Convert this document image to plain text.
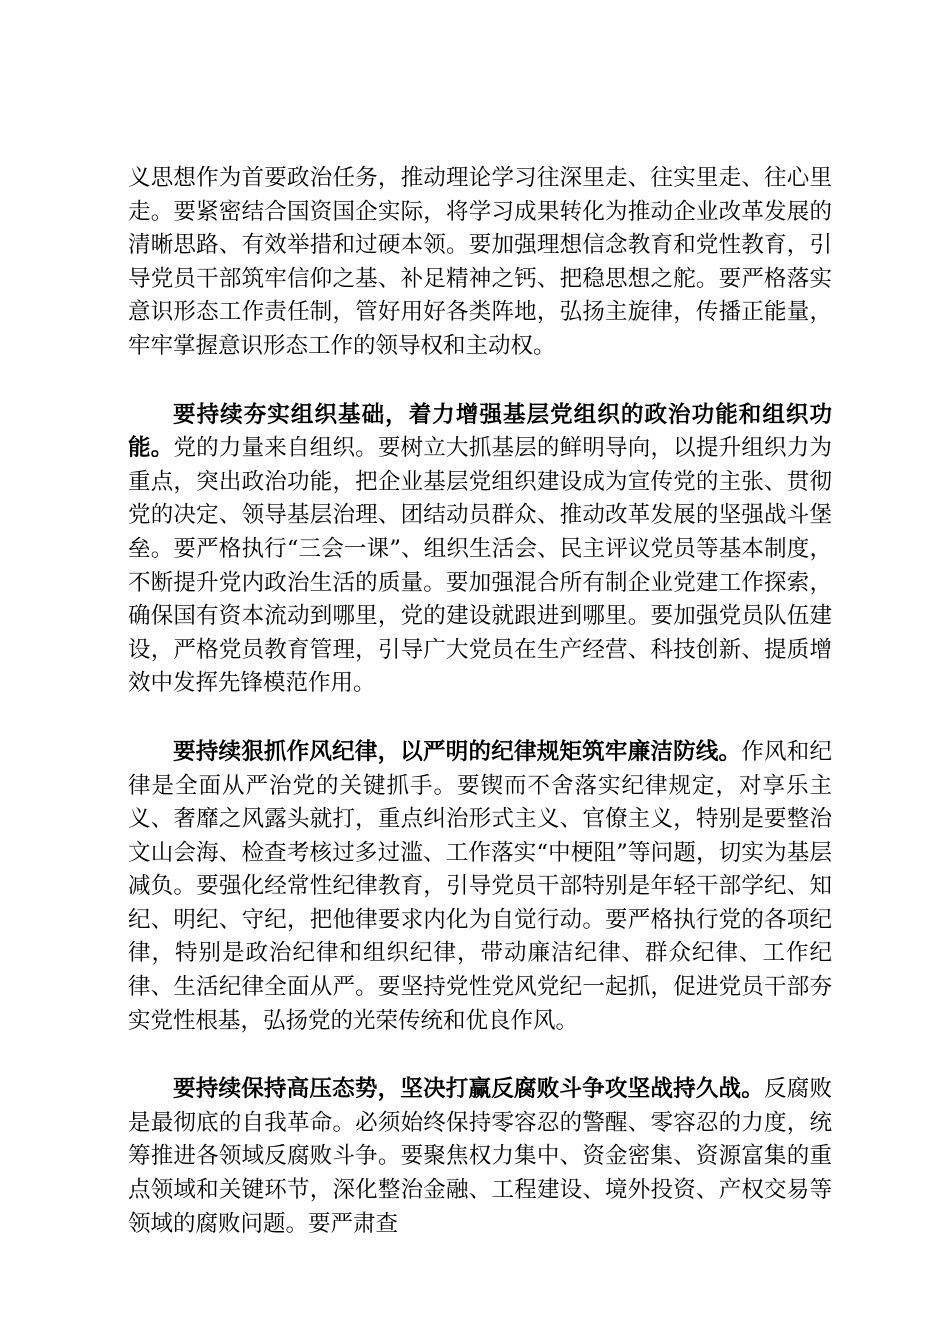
义思想作为首要政治任务，推动理论学习往深里走、往实里走、往心里走。要紧密结合国资国企实际，将学习成果转化为推动企业改革发展的清晰思路、有效举措和过硬本领。要加强理想信念教育和党性教育，引导党员干部筑牢信仰之基、补足精神之钙、把稳思想之舵。要严格落实意识形态工作责任制，管好用好各类阵地，弘扬主旋律，传播正能量，牢牢掌握意识形态工作的领导权和主动权。

要持续夯实组织基础，着力增强基层党组织的政治功能和组织功能。党的力量来自组织。要树立大抓基层的鲜明导向，以提升组织力为重点，突出政治功能，把企业基层党组织建设成为宣传党的主张、贯彻党的决定、领导基层治理、团结动员群众、推动改革发展的坚强战斗堡垒。要严格执行“三会一课”、组织生活会、民主评议党员等基本制度，不断提升党内政治生活的质量。要加强混合所有制企业党建工作探索，确保国有资本流动到哪里，党的建设就跟进到哪里。要加强党员队伍建设，严格党员教育管理，引导广大党员在生产经营、科技创新、提质增效中发挥先锋模范作用。

要持续狠抓作风纪律，以严明的纪律规矩筑牢廉洁防线。作风和纪律是全面从严治党的关键抓手。要锲而不舍落实纪律规定，对享乐主义、奢靡之风露头就打，重点纠治形式主义、官僚主义，特别是要整治文山会海、检查考核过多过滥、工作落实“中梗阻”等问题，切实为基层减负。要强化经常性纪律教育，引导党员干部特别是年轻干部学纪、知纪、明纪、守纪，把他律要求内化为自觉行动。要严格执行党的各项纪律，特别是政治纪律和组织纪律，带动廉洁纪律、群众纪律、工作纪律、生活纪律全面从严。要坚持党性党风党纪一起抓，促进党员干部夯实党性根基，弘扬党的光荣传统和优良作风。

要持续保持高压态势，坚决打赢反腐败斗争攻坚战持久战。反腐败是最彻底的自我革命。必须始终保持零容忍的警醒、零容忍的力度，统筹推进各领域反腐败斗争。要聚焦权力集中、资金密集、资源富集的重点领域和关键环节，深化整治金融、工程建设、境外投资、产权交易等领域的腐败问题。要严肃查
